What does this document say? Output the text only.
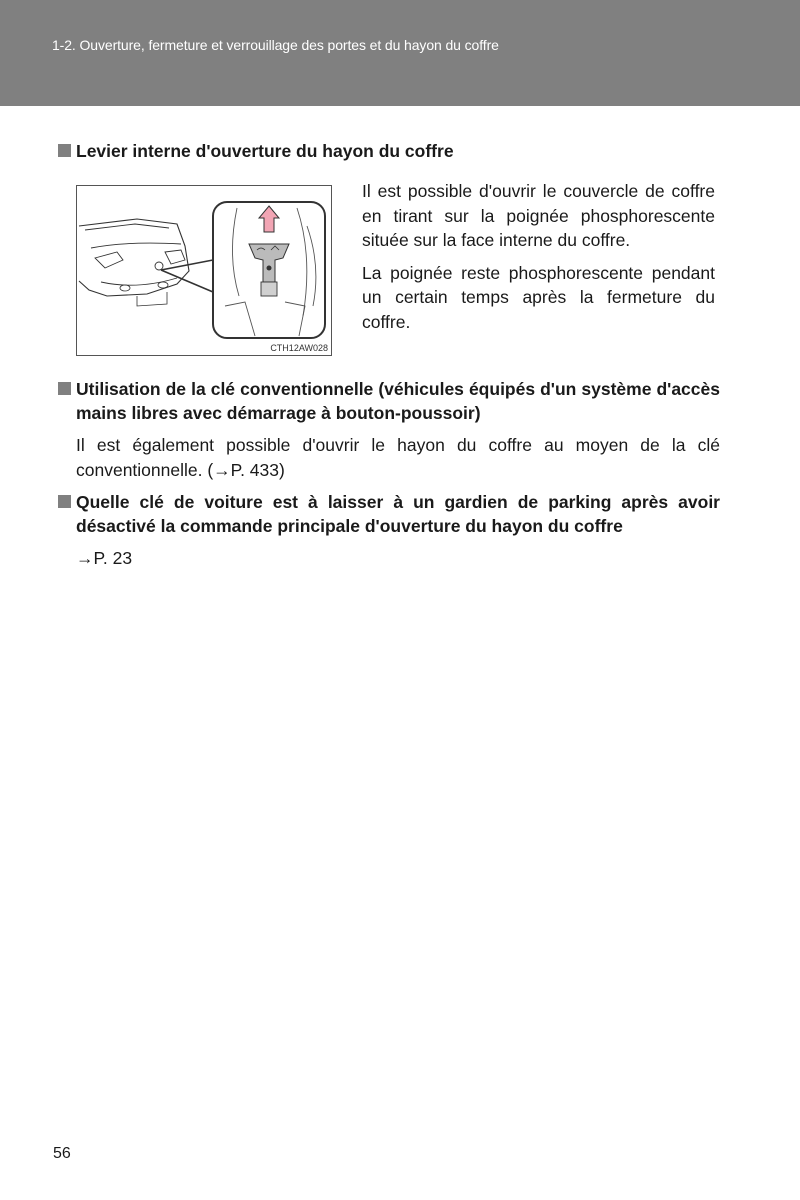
1-2. Ouverture, fermeture et verrouillage des portes et du hayon du coffre
Levier interne d'ouverture du hayon du coffre
CTH12AW028

Il est possible d'ouvrir le couvercle de coffre en tirant sur la poignée phosphorescente située sur la face interne du coffre.

La poignée reste phosphorescente pendant un certain temps après la fermeture du coffre.

Utilisation de la clé conventionnelle (véhicules équipés d'un système d'accès mains libres avec démarrage à bouton-poussoir)
Il est également possible d'ouvrir le hayon du coffre au moyen de la clé conventionnelle. (→P. 433)
Quelle clé de voiture est à laisser à un gardien de parking après avoir désactivé la commande principale d'ouverture du hayon du coffre
→P. 23
56
